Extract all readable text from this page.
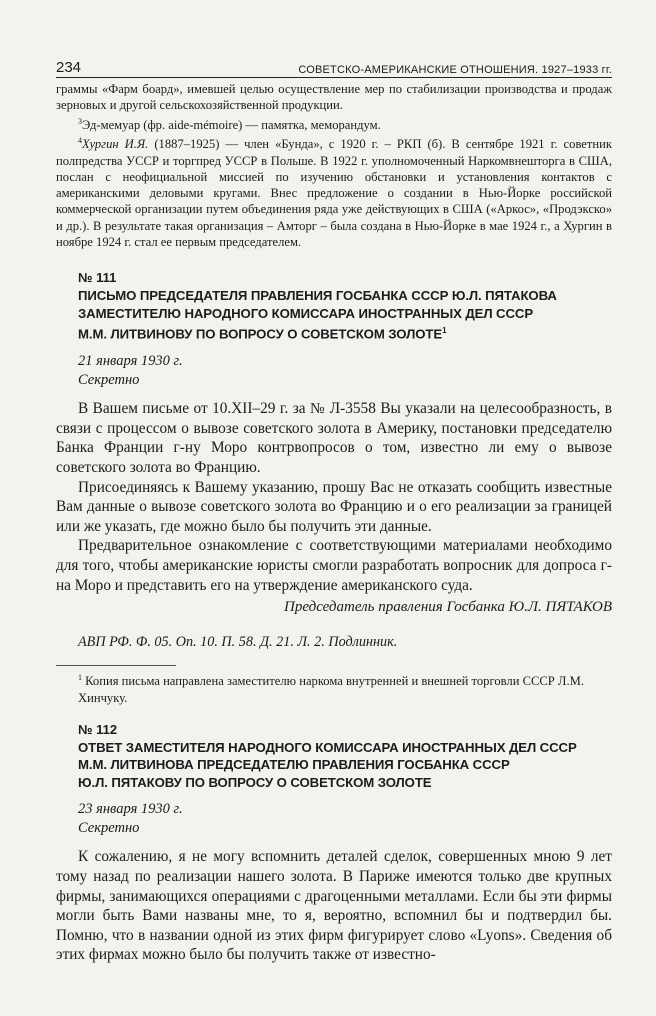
234	СОВЕТСКО-АМЕРИКАНСКИЕ ОТНОШЕНИЯ. 1927–1933 гг.

граммы «Фарм боард», имевшей целью осуществление мер по стабилизации производства и продаж зерновых и другой сельскохозяйственной продукции.

$^3$Эд-мемуар (фр. aide-mémoire) — памятка, меморандум.

$^4$Хургин И.Я. (1887–1925) — член «Бунда», с 1920 г. – РКП (б). В сентябре 1921 г. советник полпредства УССР и торгпред УССР в Польше. В 1922 г. уполномоченный Наркомвнешторга в США, послан с неофициальной миссией по изучению обстановки и установления контактов с американскими деловыми кругами. Внес предложение о создании в Нью-Йорке российской коммерческой организации путем объединения ряда уже действующих в США («Аркос», «Продэкско» и др.). В результате такая организация – Амторг – была создана в Нью-Йорке в мае 1924 г., а Хургин в ноябре 1924 г. стал ее первым председателем.

№ 111
ПИСЬМО ПРЕДСЕДАТЕЛЯ ПРАВЛЕНИЯ ГОСБАНКА СССР Ю.Л. ПЯТАКОВА
ЗАМЕСТИТЕЛЮ НАРОДНОГО КОМИССАРА ИНОСТРАННЫХ ДЕЛ СССР
М.М. ЛИТВИНОВУ ПО ВОПРОСУ О СОВЕТСКОМ ЗОЛОТЕ$^1$
21 января 1930 г.
Секретно

В Вашем письме от 10.XII–29 г. за № Л-3558 Вы указали на целесообразность, в связи с процессом о вывозе советского золота в Америку, постановки председателю Банка Франции г-ну Моро контрвопросов о том, известно ли ему о вывозе советского золота во Францию.

Присоединяясь к Вашему указанию, прошу Вас не отказать сообщить известные Вам данные о вывозе советского золота во Францию и о его реализации за границей или же указать, где можно было бы получить эти данные.

Предварительное ознакомление с соответствующими материалами необходимо для того, чтобы американские юристы смогли разработать вопросник для допроса г-на Моро и представить его на утверждение американского суда.

Председатель правления Госбанка Ю.Л. ПЯТАКОВ
АВП РФ. Ф. 05. Оп. 10. П. 58. Д. 21. Л. 2. Подлинник.
$^1$ Копия письма направлена заместителю наркома внутренней и внешней торговли СССР Л.М. Хинчуку.
№ 112
ОТВЕТ ЗАМЕСТИТЕЛЯ НАРОДНОГО КОМИССАРА ИНОСТРАННЫХ ДЕЛ СССР
М.М. ЛИТВИНОВА ПРЕДСЕДАТЕЛЮ ПРАВЛЕНИЯ ГОСБАНКА СССР
Ю.Л. ПЯТАКОВУ ПО ВОПРОСУ О СОВЕТСКОМ ЗОЛОТЕ
23 января 1930 г.
Секретно

К сожалению, я не могу вспомнить деталей сделок, совершенных мною 9 лет тому назад по реализации нашего золота. В Париже имеются только две крупных фирмы, занимающихся операциями с драгоценными металлами. Если бы эти фирмы могли быть Вами названы мне, то я, вероятно, вспомнил бы и подтвердил бы. Помню, что в названии одной из этих фирм фигурирует слово «Lyons». Сведения об этих фирмах можно было бы получить также от известно-
